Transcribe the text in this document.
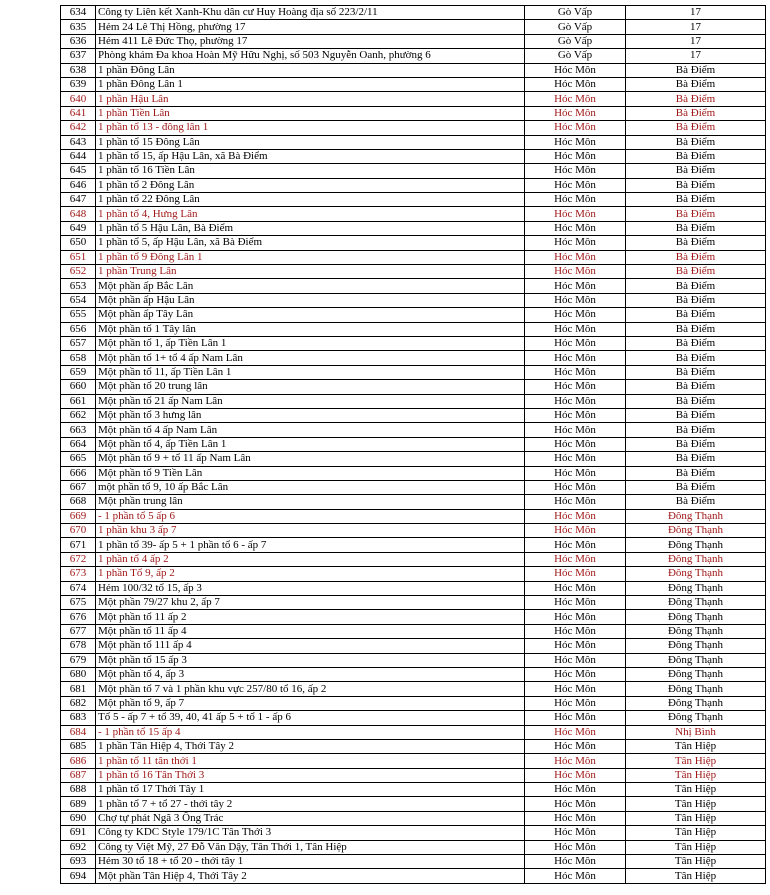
634	Công ty Liên kết Xanh-Khu dân cư Huy Hoàng địa số 223/2/11	Gò Vấp	17
635	Hẻm 24 Lê Thị Hồng, phường 17	Gò Vấp	17
636	Hẻm 411 Lê Đức Thọ, phường 17	Gò Vấp	17
637	Phòng khám Đa khoa Hoàn Mỹ Hữu Nghị, số 503 Nguyễn Oanh, phường 6	Gò Vấp	17
638	1 phần Đông Lân	Hóc Môn	Bà Điểm
639	1 phần Đông Lân 1	Hóc Môn	Bà Điểm
640	1 phần Hậu Lân	Hóc Môn	Bà Điểm
641	1 phần Tiền Lân	Hóc Môn	Bà Điểm
642	1 phần tổ 13 - đông lân 1	Hóc Môn	Bà Điểm
643	1 phần tổ 15 Đông Lân	Hóc Môn	Bà Điểm
644	1 phần tổ 15, ấp Hậu Lân, xã Bà Điểm	Hóc Môn	Bà Điểm
645	1 phần tổ 16 Tiền Lân	Hóc Môn	Bà Điểm
646	1 phần tổ 2 Đông Lân	Hóc Môn	Bà Điểm
647	1 phần tổ 22 Đông Lân	Hóc Môn	Bà Điểm
648	1 phần tổ 4, Hưng Lân	Hóc Môn	Bà Điểm
649	1 phần tổ 5 Hậu Lân, Bà Điểm	Hóc Môn	Bà Điểm
650	1 phần tổ 5, ấp Hậu Lân, xã Bà Điểm	Hóc Môn	Bà Điểm
651	1 phần tổ 9 Đông Lân 1	Hóc Môn	Bà Điểm
652	1 phần Trung Lân	Hóc Môn	Bà Điểm
653	Một phần ấp Bắc Lân	Hóc Môn	Bà Điểm
654	Một phần ấp Hậu Lân	Hóc Môn	Bà Điểm
655	Một phần ấp Tây Lân	Hóc Môn	Bà Điểm
656	Một phần tổ 1 Tây lân	Hóc Môn	Bà Điểm
657	Một phần tổ 1, ấp Tiền Lân 1	Hóc Môn	Bà Điểm
658	Một phần tổ 1+ tổ 4 ấp Nam Lân	Hóc Môn	Bà Điểm
659	Một phần tổ 11, ấp Tiền Lân 1	Hóc Môn	Bà Điểm
660	Một phần tổ 20 trung lân	Hóc Môn	Bà Điểm
661	Một phần tổ 21 ấp Nam Lân	Hóc Môn	Bà Điểm
662	Một phần tổ 3 hưng lân	Hóc Môn	Bà Điểm
663	Một phần tổ 4 ấp Nam Lân	Hóc Môn	Bà Điểm
664	Một phần tổ 4, ấp Tiền Lân 1	Hóc Môn	Bà Điểm
665	Một phần tổ 9 + tổ 11 ấp Nam Lân	Hóc Môn	Bà Điểm
666	Một phần tổ 9 Tiền Lân	Hóc Môn	Bà Điểm
667	một phần tổ 9, 10 ấp Bắc Lân	Hóc Môn	Bà Điểm
668	Một phần trung lân	Hóc Môn	Bà Điểm
669	- 1 phần tổ 5 ấp 6	Hóc Môn	Đông Thạnh
670	1 phần khu 3 ấp 7	Hóc Môn	Đông Thạnh
671	1 phần tổ 39- ấp 5 + 1 phần tổ 6 - ấp 7	Hóc Môn	Đông Thạnh
672	1 phần tổ 4 ấp 2	Hóc Môn	Đông Thạnh
673	1 phần Tổ 9, ấp 2	Hóc Môn	Đông Thạnh
674	Hẻm 100/32 tổ 15, ấp 3	Hóc Môn	Đông Thạnh
675	Một phần 79/27 khu 2, ấp 7	Hóc Môn	Đông Thạnh
676	Một phần tổ 11 ấp 2	Hóc Môn	Đông Thạnh
677	Một phần tổ 11 ấp 4	Hóc Môn	Đông Thạnh
678	Một phần tổ 111 ấp 4	Hóc Môn	Đông Thạnh
679	Một phần tổ 15 ấp 3	Hóc Môn	Đông Thạnh
680	Một phần tổ 4, ấp 3	Hóc Môn	Đông Thạnh
681	Một phần tổ 7 và 1 phần khu vực 257/80 tổ 16, ấp 2	Hóc Môn	Đông Thạnh
682	Một phần tổ 9, ấp 7	Hóc Môn	Đông Thạnh
683	Tổ 5 - ấp 7 + tổ 39, 40, 41 ấp 5 + tổ 1 - ấp 6	Hóc Môn	Đông Thạnh
684	- 1 phần tổ 15 ấp 4	Hóc Môn	Nhị Bình
685	1 phần Tân Hiệp 4, Thới Tây 2	Hóc Môn	Tân Hiệp
686	1 phần tổ 11 tân thới 1	Hóc Môn	Tân Hiệp
687	1 phần tổ 16 Tân Thới 3	Hóc Môn	Tân Hiệp
688	1 phần tổ 17 Thới Tây 1	Hóc Môn	Tân Hiệp
689	1 phần tổ 7 + tổ 27 - thới tây 2	Hóc Môn	Tân Hiệp
690	Chợ tự phát Ngã 3 Ông Trác	Hóc Môn	Tân Hiệp
691	Công ty KDC Style 179/1C Tân Thới 3	Hóc Môn	Tân Hiệp
692	Công ty Việt Mỹ, 27 Đỗ Văn Dậy, Tân Thới 1, Tân Hiệp	Hóc Môn	Tân Hiệp
693	Hẻm 30 tổ 18 + tổ 20 - thới tây 1	Hóc Môn	Tân Hiệp
694	Một phần Tân Hiệp 4, Thới Tây 2	Hóc Môn	Tân Hiệp
